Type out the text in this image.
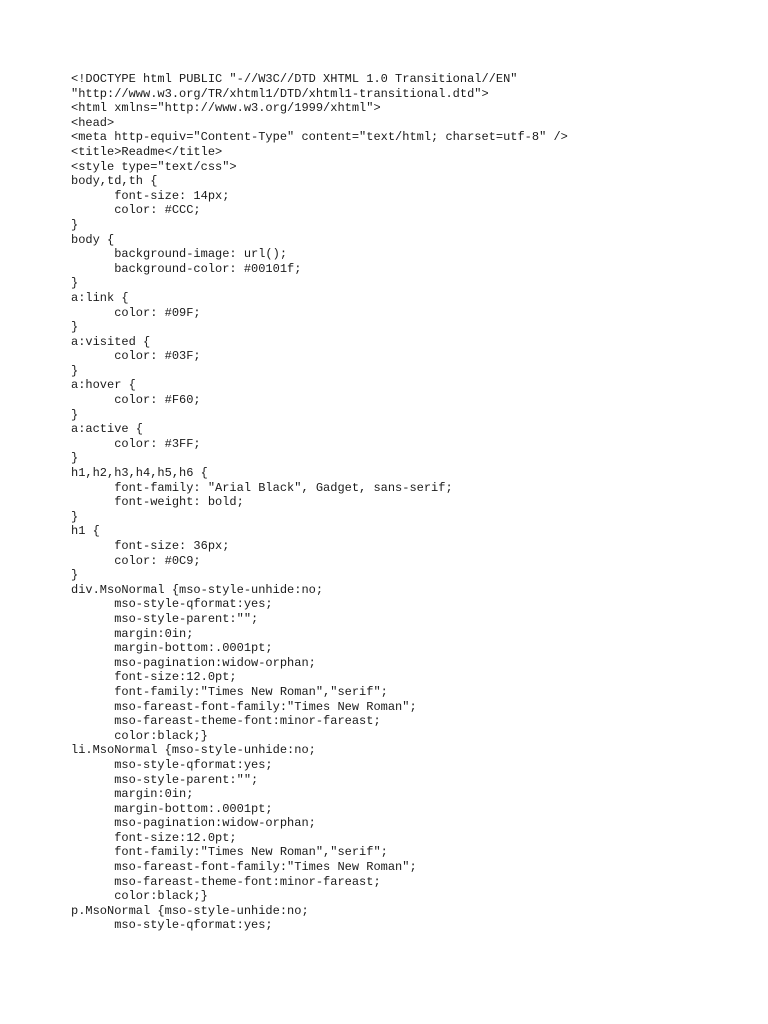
<!DOCTYPE html PUBLIC "-//W3C//DTD XHTML 1.0 Transitional//EN"
"http://www.w3.org/TR/xhtml1/DTD/xhtml1-transitional.dtd">
<html xmlns="http://www.w3.org/1999/xhtml">
<head>
<meta http-equiv="Content-Type" content="text/html; charset=utf-8" />
<title>Readme</title>
<style type="text/css">
body,td,th {
font-size: 14px;
color: #CCC;
}
body {
background-image: url();
background-color: #00101f;
}
a:link {
color: #09F;
}
a:visited {
color: #03F;
}
a:hover {
color: #F60;
}
a:active {
color: #3FF;
}
h1,h2,h3,h4,h5,h6 {
font-family: "Arial Black", Gadget, sans-serif;
font-weight: bold;
}
h1 {
font-size: 36px;
color: #0C9;
}
div.MsoNormal {mso-style-unhide:no;
mso-style-qformat:yes;
mso-style-parent:"";
margin:0in;
margin-bottom:.0001pt;
mso-pagination:widow-orphan;
font-size:12.0pt;
font-family:"Times New Roman","serif";
mso-fareast-font-family:"Times New Roman";
mso-fareast-theme-font:minor-fareast;
color:black;}
li.MsoNormal {mso-style-unhide:no;
mso-style-qformat:yes;
mso-style-parent:"";
margin:0in;
margin-bottom:.0001pt;
mso-pagination:widow-orphan;
font-size:12.0pt;
font-family:"Times New Roman","serif";
mso-fareast-font-family:"Times New Roman";
mso-fareast-theme-font:minor-fareast;
color:black;}
p.MsoNormal {mso-style-unhide:no;
mso-style-qformat:yes;
